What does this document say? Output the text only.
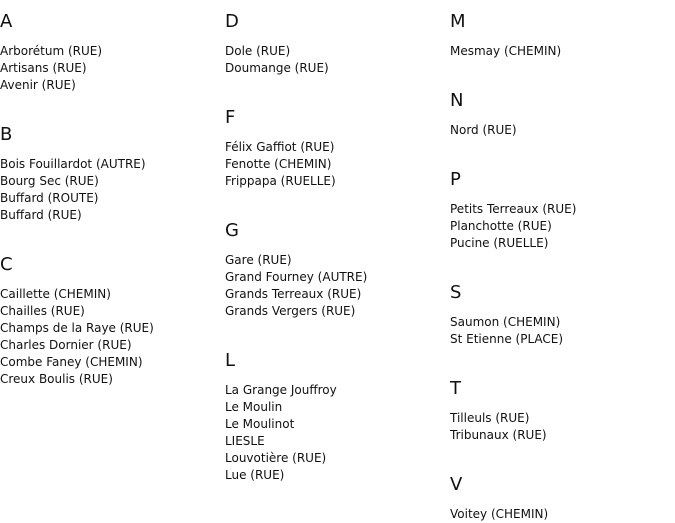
A
Arborétum (RUE)
Artisans (RUE)
Avenir (RUE)
B
Bois Fouillardot (AUTRE)
Bourg Sec (RUE)
Buffard (ROUTE)
Buffard (RUE)
C
Caillette (CHEMIN)
Chailles (RUE)
Champs de la Raye (RUE)
Charles Dornier (RUE)
Combe Faney (CHEMIN)
Creux Boulis (RUE)
D
Dole (RUE)
Doumange (RUE)
F
Félix Gaffiot (RUE)
Fenotte (CHEMIN)
Frippapa (RUELLE)
G
Gare (RUE)
Grand Fourney (AUTRE)
Grands Terreaux (RUE)
Grands Vergers (RUE)
L
La Grange Jouffroy
Le Moulin
Le Moulinot
LIESLE
Louvotière (RUE)
Lue (RUE)
M
Mesmay (CHEMIN)
N
Nord (RUE)
P
Petits Terreaux (RUE)
Planchotte (RUE)
Pucine (RUELLE)
S
Saumon (CHEMIN)
St Etienne (PLACE)
T
Tilleuls (RUE)
Tribunaux (RUE)
V
Voitey (CHEMIN)
